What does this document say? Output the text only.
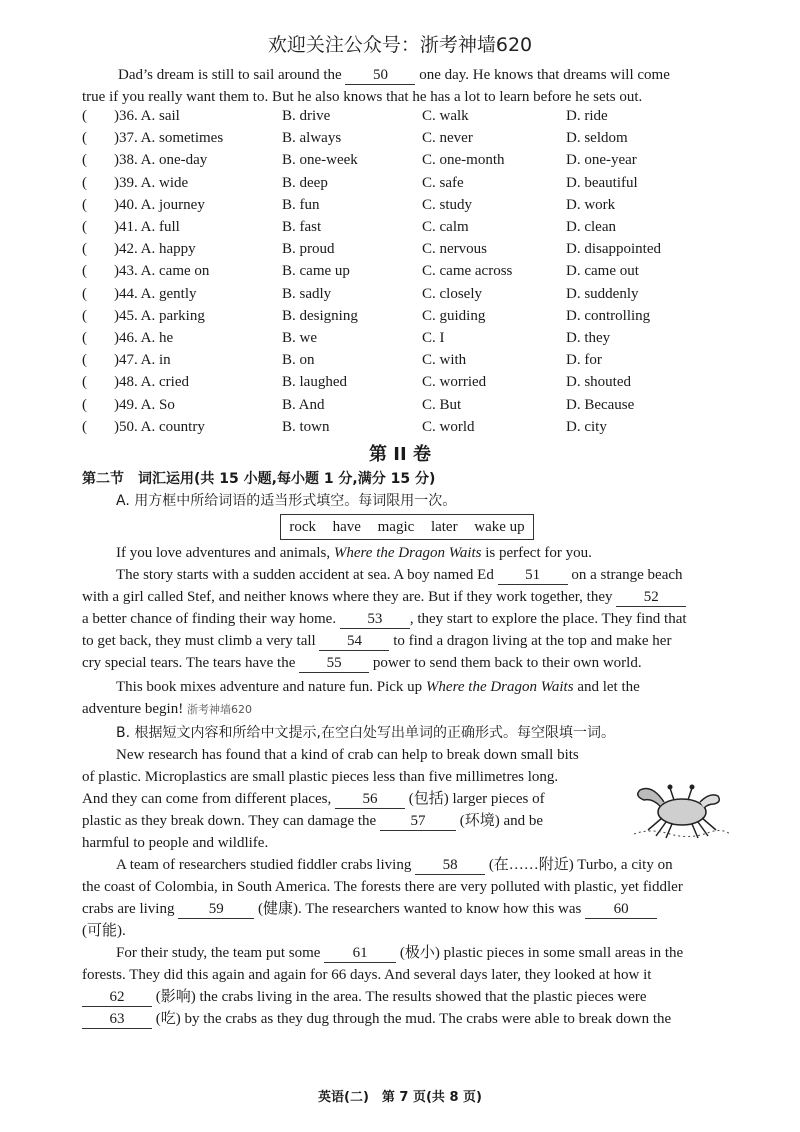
欢迎关注公众号：浙考神墙620
Dad’s dream is still to sail around the 50 one day. He knows that dreams will come
true if you really want them to. But he also knows that he has a lot to learn before he sets out.
( )36. A. sail	B. drive	C. walk	D. ride
( )37. A. sometimes	B. always	C. never	D. seldom
( )38. A. one-day	B. one-week	C. one-month	D. one-year
( )39. A. wide	B. deep	C. safe	D. beautiful
( )40. A. journey	B. fun	C. study	D. work
( )41. A. full	B. fast	C. calm	D. clean
( )42. A. happy	B. proud	C. nervous	D. disappointed
( )43. A. came on	B. came up	C. came across	D. came out
( )44. A. gently	B. sadly	C. closely	D. suddenly
( )45. A. parking	B. designing	C. guiding	D. controlling
( )46. A. he	B. we	C. I	D. they
( )47. A. in	B. on	C. with	D. for
( )48. A. cried	B. laughed	C. worried	D. shouted
( )49. A. So	B. And	C. But	D. Because
( )50. A. country	B. town	C. world	D. city
第 II 卷
第二节　词汇运用(共 15 小题,每小题 1 分,满分 15 分)
A. 用方框中所给词语的适当形式填空。每词限用一次。
rock have magic later wake up
If you love adventures and animals, Where the Dragon Waits is perfect for you.
The story starts with a sudden accident at sea. A boy named Ed 51 on a strange beach
with a girl called Stef, and neither knows where they are. But if they work together, they 52
a better chance of finding their way home. 53 , they start to explore the place. They find that
to get back, they must climb a very tall 54 to find a dragon living at the top and make her
cry special tears. The tears have the 55 power to send them back to their own world.
This book mixes adventure and nature fun. Pick up Where the Dragon Waits and let the
adventure begin! 浙考神墙620
B. 根据短文内容和所给中文提示,在空白处写出单词的正确形式。每空限填一词。
New research has found that a kind of crab can help to break down small bits
of plastic. Microplastics are small plastic pieces less than five millimetres long.
And they can come from different places, 56 (包括) larger pieces of
plastic as they break down. They can damage the 57 (环境) and be
harmful to people and wildlife.
A team of researchers studied fiddler crabs living 58 (在……附近) Turbo, a city on
the coast of Colombia, in South America. The forests there are very polluted with plastic, yet fiddler
crabs are living 59 (健康). The researchers wanted to know how this was 60
(可能).
For their study, the team put some 61 (极小) plastic pieces in some small areas in the
forests. They did this again and again for 66 days. And several days later, they looked at how it
62 (影响) the crabs living in the area. The results showed that the plastic pieces were
63 (吃) by the crabs as they dug through the mud. The crabs were able to break down the
英语(二)　第 7 页(共 8 页)
